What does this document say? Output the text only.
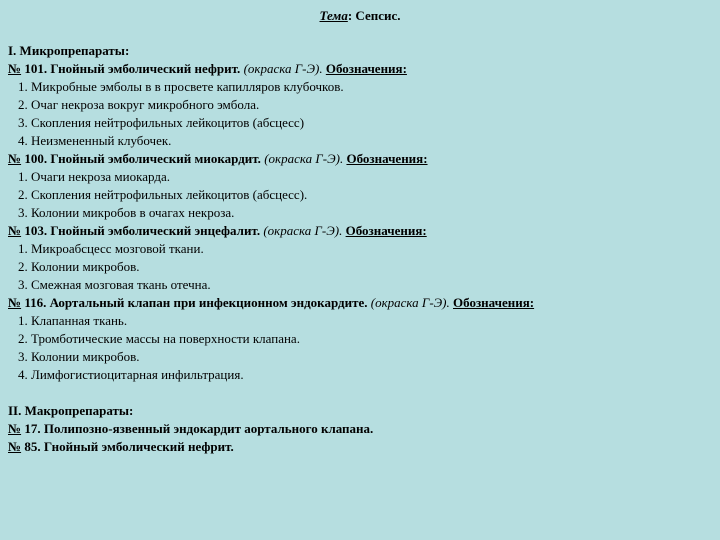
Тема: Сепсис.
I. Микропрепараты:
№ 101. Гнойный эмболический нефрит. (окраска Г-Э). Обозначения:
1. Микробные эмболы в в просвете капилляров клубочков.
2. Очаг некроза вокруг микробного эмбола.
3. Скопления нейтрофильных лейкоцитов (абсцесс)
4. Неизмененный клубочек.
№ 100. Гнойный эмболический миокардит. (окраска Г-Э). Обозначения:
1. Очаги некроза миокарда.
2. Скопления нейтрофильных лейкоцитов (абсцесс).
3. Колонии микробов в очагах некроза.
№ 103. Гнойный эмболический энцефалит. (окраска Г-Э). Обозначения:
1. Микроабсцесс мозговой ткани.
2. Колонии микробов.
3. Смежная мозговая ткань отечна.
№ 116. Аортальный клапан при инфекционном эндокардите. (окраска Г-Э). Обозначения:
1. Клапанная ткань.
2. Тромботические массы на поверхности клапана.
3. Колонии микробов.
4. Лимфогистиоцитарная инфильтрация.
II. Макропрепараты:
№ 17. Полипозно-язвенный эндокардит аортального клапана.
№ 85. Гнойный эмболический нефрит.
